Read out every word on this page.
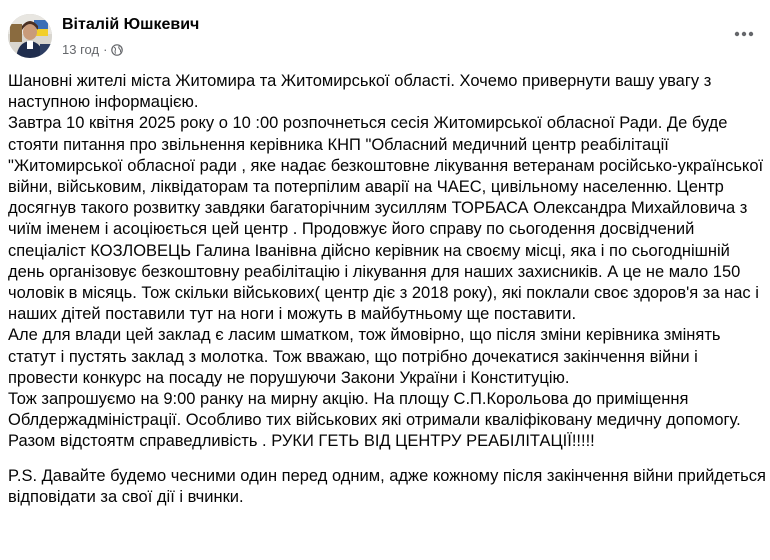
Віталій Юшкевич
13 год ·

Шановні жителі міста Житомира та Житомирської області. Хочемо привернути вашу увагу з наступною інформацією.

Завтра 10 квітня 2025 року о 10 :00 розпочнеться сесія Житомирської обласної Ради. Де буде стояти питання про звільнення керівника КНП "Обласний медичний центр реабілітації "Житомирської обласної ради , яке надає безкоштовне лікування ветеранам російсько-української війни, військовим, ліквідаторам та потерпілим аварії на ЧАЕС, цивільному населенню. Центр досягнув такого розвитку завдяки багаторічним зусиллям ТОРБАСА Олександра Михайловича з чиїм іменем і асоціюється цей центр . Продовжує його справу по сьогодення досвідчений спеціаліст КОЗЛОВЕЦЬ Галина Іванівна дійсно керівник на своєму місці, яка і по сьогоднішній день організовує безкоштовну реабілітацію і лікування для наших захисників. А це не мало 150 чоловік в місяць. Тож скільки військових( центр діє з 2018 року), які поклали своє здоров'я за нас і наших дітей поставили тут на ноги і можуть в майбутньому ще поставити.

Але для влади цей заклад є ласим шматком, тож ймовірно, що після зміни керівника змінять статут і пустять заклад з молотка. Тож вважаю, що потрібно дочекатися закінчення війни і провести конкурс на посаду не порушуючи Закони України і Конституцію.

Тож запрошуємо на 9:00 ранку на мирну акцію. На площу С.П.Корольова до приміщення Облдержадміністрації. Особливо тих військових які отримали кваліфіковану медичну допомогу. Разом відстоятм справедливість . РУКИ ГЕТЬ ВІД ЦЕНТРУ РЕАБІЛІТАЦІЇ!!!!!

P.S. Давайте будемо чесними один перед одним, адже кожному після закінчення війни прийдеться відповідати за свої дії і вчинки.
